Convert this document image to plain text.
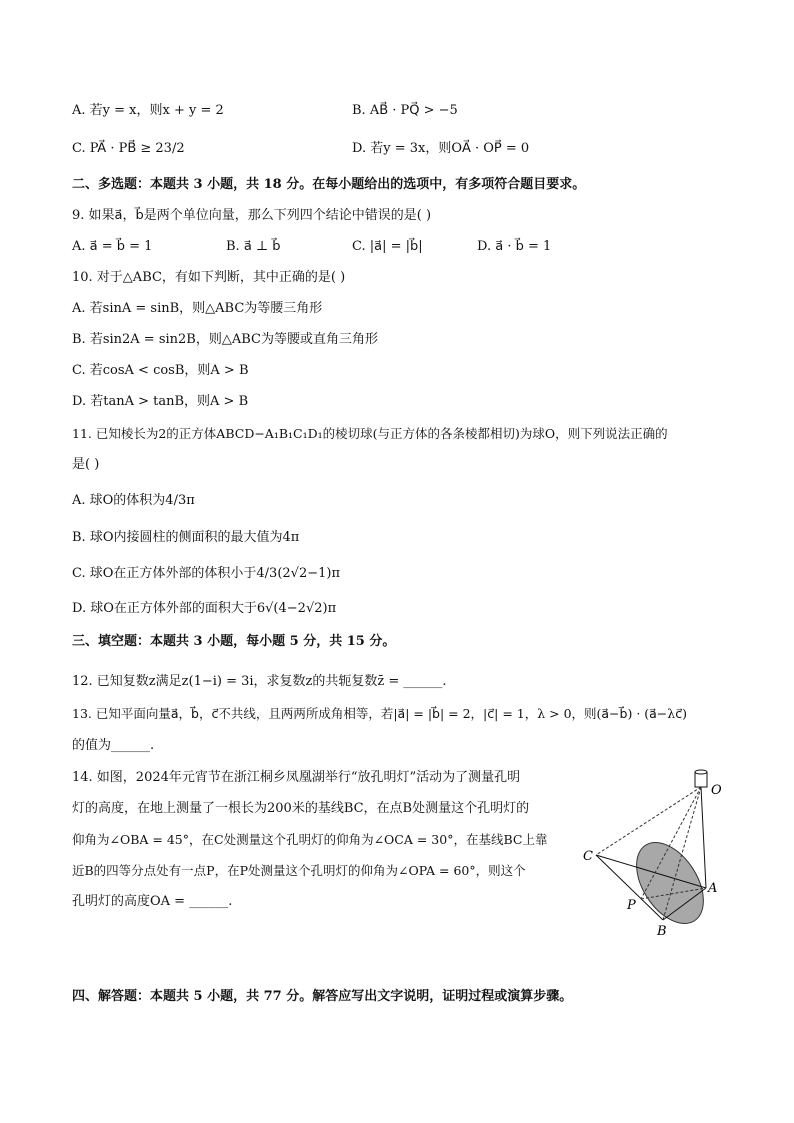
A. 若y = x，则x + y = 2	B. AB⃗ · PQ⃗ > −5
C. PA⃗ · PB⃗ ≥ 23/2	D. 若y = 3x，则OA⃗ · OP⃗ = 0
二、多选题：本题共 3 小题，共 18 分。在每小题给出的选项中，有多项符合题目要求。
9. 如果a⃗，b⃗是两个单位向量，那么下列四个结论中错误的是( )
A. a⃗ = b⃗ = 1	B. a⃗ ⊥ b⃗	C. |a⃗| = |b⃗|	D. a⃗ · b⃗ = 1
10. 对于△ABC，有如下判断，其中正确的是( )
A. 若sinA = sinB，则△ABC为等腰三角形
B. 若sin2A = sin2B，则△ABC为等腰或直角三角形
C. 若cosA < cosB，则A > B
D. 若tanA > tanB，则A > B
11. 已知棱长为2的正方体ABCD−A₁B₁C₁D₁的棱切球(与正方体的各条棱都相切)为球O，则下列说法正确的
是( )
A. 球O的体积为4/3π
B. 球O内接圆柱的侧面积的最大值为4π
C. 球O在正方体外部的体积小于4/3(2√2−1)π
D. 球O在正方体外部的面积大于6√(4−2√2)π
三、填空题：本题共 3 小题，每小题 5 分，共 15 分。
12. 已知复数z满足z(1−i) = 3i，求复数z的共轭复数z̄ = ______.
13. 已知平面向量a⃗，b⃗，c⃗不共线，且两两所成角相等，若|a⃗| = |b⃗| = 2，|c⃗| = 1，λ > 0，则(a⃗−b⃗) · (a⃗−λc⃗)
的值为______.
14. 如图，2024年元宵节在浙江桐乡凤凰湖举行“放孔明灯”活动为了测量孔明
灯的高度，在地上测量了一根长为200米的基线BC，在点B处测量这个孔明灯的
仰角为∠OBA = 45°，在C处测量这个孔明灯的仰角为∠OCA = 30°，在基线BC上靠
近B的四等分点处有一点P，在P处测量这个孔明灯的仰角为∠OPA = 60°，则这个
孔明灯的高度OA = ______.
四、解答题：本题共 5 小题，共 77 分。解答应写出文字说明，证明过程或演算步骤。
O
C
A
P
B
